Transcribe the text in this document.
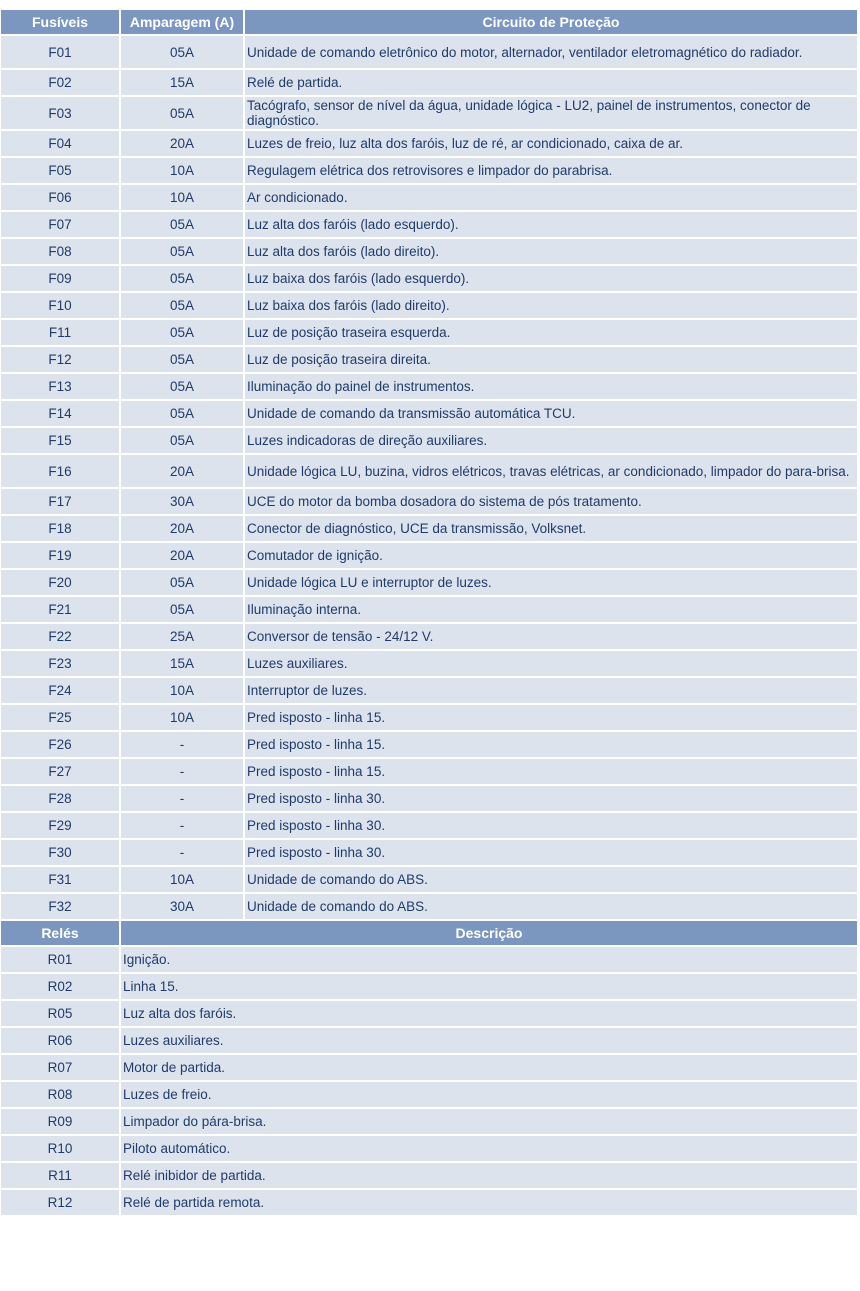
Fusíveis	Amparagem (A)	Circuito de Proteção
F01	05A	Unidade de comando eletrônico do motor, alternador, ventilador eletromagnético do radiador.
F02	15A	Relé de partida.
F03	05A	Tacógrafo, sensor de nível da água, unidade lógica - LU2, painel de instrumentos, conector de diagnóstico.
F04	20A	Luzes de freio, luz alta dos faróis, luz de ré, ar condicionado, caixa de ar.
F05	10A	Regulagem elétrica dos retrovisores e limpador do parabrisa.
F06	10A	Ar condicionado.
F07	05A	Luz alta dos faróis (lado esquerdo).
F08	05A	Luz alta dos faróis (lado direito).
F09	05A	Luz baixa dos faróis (lado esquerdo).
F10	05A	Luz baixa dos faróis (lado direito).
F11	05A	Luz de posição traseira esquerda.
F12	05A	Luz de posição traseira direita.
F13	05A	Iluminação do painel de instrumentos.
F14	05A	Unidade de comando da transmissão automática TCU.
F15	05A	Luzes indicadoras de direção auxiliares.
F16	20A	Unidade lógica LU, buzina, vidros elétricos, travas elétricas, ar condicionado, limpador do para-brisa.
F17	30A	UCE do motor da bomba dosadora do sistema de pós tratamento.
F18	20A	Conector de diagnóstico, UCE da transmissão, Volksnet.
F19	20A	Comutador de ignição.
F20	05A	Unidade lógica LU e interruptor de luzes.
F21	05A	Iluminação interna.
F22	25A	Conversor de tensão - 24/12 V.
F23	15A	Luzes auxiliares.
F24	10A	Interruptor de luzes.
F25	10A	Pred isposto - linha 15.
F26	-	Pred isposto - linha 15.
F27	-	Pred isposto - linha 15.
F28	-	Pred isposto - linha 30.
F29	-	Pred isposto - linha 30.
F30	-	Pred isposto - linha 30.
F31	10A	Unidade de comando do ABS.
F32	30A	Unidade de comando do ABS.
Relés	Descrição	
R01	Ignição.	
R02	Linha 15.	
R05	Luz alta dos faróis.	
R06	Luzes auxiliares.	
R07	Motor de partida.	
R08	Luzes de freio.	
R09	Limpador do pára-brisa.	
R10	Piloto automático.	
R11	Relé inibidor de partida.	
R12	Relé de partida remota.	
